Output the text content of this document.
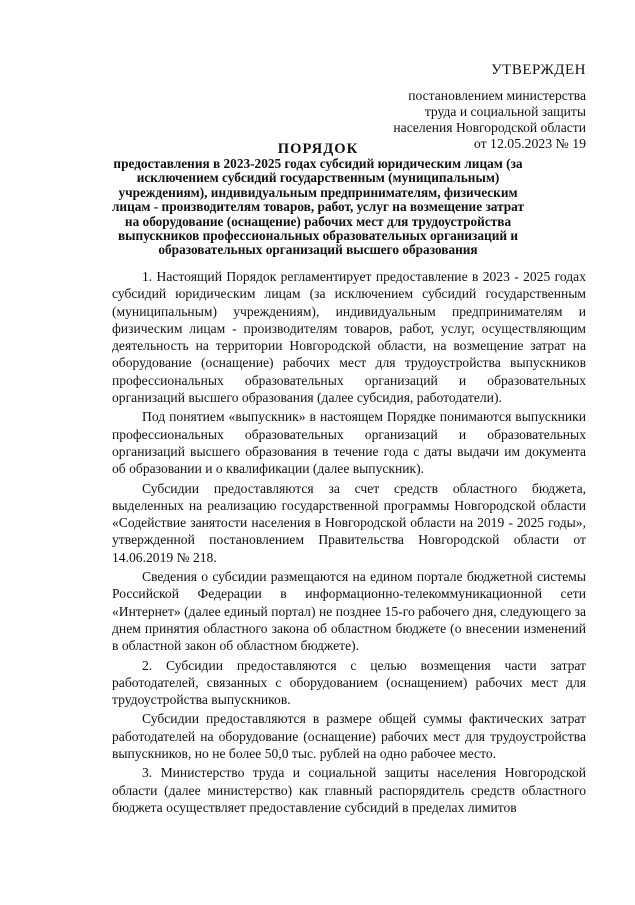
УТВЕРЖДЕН
постановлением министерства
труда и социальной защиты
населения Новгородской области
от 12.05.2023 № 19
ПОРЯДОК
предоставления в 2023-2025 годах субсидий юридическим лицам (за исключением субсидий государственным (муниципальным) учреждениям), индивидуальным предпринимателям, физическим лицам - производителям товаров, работ, услуг на возмещение затрат на оборудование (оснащение) рабочих мест для трудоустройства выпускников профессиональных образовательных организаций и образовательных организаций высшего образования

1. Настоящий Порядок регламентирует предоставление в 2023 - 2025 годах субсидий юридическим лицам (за исключением субсидий государственным (муниципальным) учреждениям), индивидуальным предпринимателям и физическим лицам - производителям товаров, работ, услуг, осуществляющим деятельность на территории Новгородской области, на возмещение затрат на оборудование (оснащение) рабочих мест для трудоустройства выпускников профессиональных образовательных организаций и образовательных организаций высшего образования (далее субсидия, работодатели).

Под понятием «выпускник» в настоящем Порядке понимаются выпускники профессиональных образовательных организаций и образовательных организаций высшего образования в течение года с даты выдачи им документа об образовании и о квалификации (далее выпускник).

Субсидии предоставляются за счет средств областного бюджета, выделенных на реализацию государственной программы Новгородской области «Содействие занятости населения в Новгородской области на 2019 - 2025 годы», утвержденной постановлением Правительства Новгородской области от 14.06.2019 № 218.

Сведения о субсидии размещаются на едином портале бюджетной системы Российской Федерации в информационно-телекоммуникационной сети «Интернет» (далее единый портал) не позднее 15-го рабочего дня, следующего за днем принятия областного закона об областном бюджете (о внесении изменений в областной закон об областном бюджете).

2. Субсидии предоставляются с целью возмещения части затрат работодателей, связанных с оборудованием (оснащением) рабочих мест для трудоустройства выпускников.

Субсидии предоставляются в размере общей суммы фактических затрат работодателей на оборудование (оснащение) рабочих мест для трудоустройства выпускников, но не более 50,0 тыс. рублей на одно рабочее место.

3. Министерство труда и социальной защиты населения Новгородской области (далее министерство) как главный распорядитель средств областного бюджета осуществляет предоставление субсидий в пределах лимитов
